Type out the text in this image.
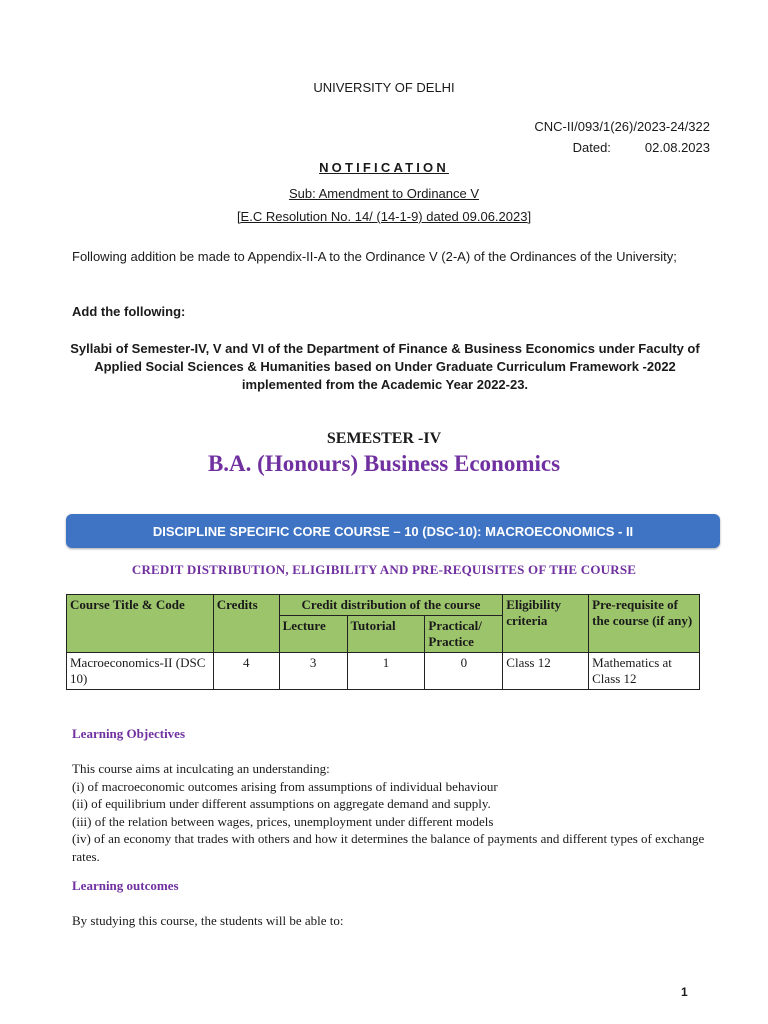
UNIVERSITY OF DELHI
CNC-II/093/1(26)/2023-24/322
Dated:	02.08.2023
NOTIFICATION
Sub: Amendment to Ordinance V
[E.C Resolution No. 14/ (14-1-9) dated 09.06.2023]
Following addition be made to Appendix-II-A to the Ordinance V (2-A) of the Ordinances of the University;
Add the following:
Syllabi of Semester-IV, V and VI of the Department of Finance & Business Economics under Faculty of Applied Social Sciences & Humanities based on Under Graduate Curriculum Framework -2022 implemented from the Academic Year 2022-23.
SEMESTER -IV
B.A. (Honours) Business Economics
DISCIPLINE SPECIFIC CORE COURSE – 10 (DSC-10): MACROECONOMICS - II
CREDIT DISTRIBUTION, ELIGIBILITY AND PRE-REQUISITES OF THE COURSE
Course Title & Code	Credits	Credit distribution of the course			Eligibility criteria	Pre-requisite of the course (if any)
		Lecture	Tutorial	Practical/ Practice		
Macroeconomics-II (DSC 10)	4	3	1	0	Class 12	Mathematics at Class 12
Learning Objectives
This course aims at inculcating an understanding:
(i) of macroeconomic outcomes arising from assumptions of individual behaviour
(ii) of equilibrium under different assumptions on aggregate demand and supply.
(iii) of the relation between wages, prices, unemployment under different models
(iv) of an economy that trades with others and how it determines the balance of payments and different types of exchange rates.
Learning outcomes
By studying this course, the students will be able to:
1
